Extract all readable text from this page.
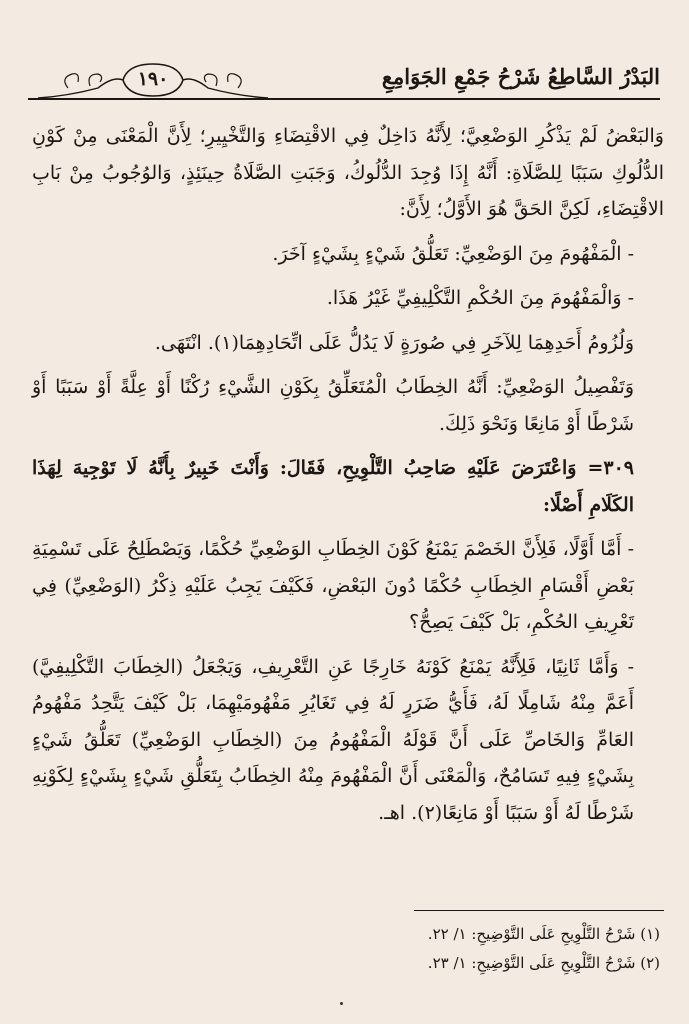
١٩٠	البَدْرُ السَّاطِعُ شَرْحُ جَمْعِ الجَوَامِعِ

وَالبَعْضُ لَمْ يَذْكُرِ الوَضْعِيَّ؛ لِأَنَّهُ دَاخِلٌ فِي الاقْتِضَاءِ وَالتَّخْيِيرِ؛ لِأَنَّ الْمَعْنَى مِنْ كَوْنِ الدُّلُوكِ سَبَبًا لِلصَّلَاةِ: أَنَّهُ إِذَا وُجِدَ الدُّلُوكُ، وَجَبَتِ الصَّلَاةُ حِينَئِذٍ، وَالوُجُوبُ مِنْ بَابِ الاقْتِضَاءِ، لَكِنَّ الحَقَّ هُوَ الأَوَّلُ؛ لِأَنَّ:

- الْمَفْهُومَ مِنَ الوَضْعِيِّ: تَعَلُّقُ شَيْءٍ بِشَيْءٍ آخَرَ.

- وَالْمَفْهُومَ مِنَ الحُكْمِ التَّكْلِيفِيِّ غَيْرُ هَذَا.

وَلُزُومُ أَحَدِهِمَا لِلآخَرِ فِي صُورَةٍ لَا يَدُلُّ عَلَى اتِّحَادِهِمَا(١). انْتَهَى.

وَتَفْصِيلُ الوَضْعِيِّ: أَنَّهُ الخِطَابُ الْمُتَعَلِّقُ بِكَوْنِ الشَّيْءِ رُكْنًا أَوْ عِلَّةً أَوْ سَبَبًا أَوْ شَرْطًا أَوْ مَانِعًا وَنَحْوَ ذَلِكَ.

٣٠٩= وَاعْتَرَضَ عَلَيْهِ صَاحِبُ التَّلْوِيحِ، فَقَالَ: وَأَنْتَ خَبِيرٌ بِأَنَّهُ لَا تَوْجِيهَ لِهَذَا الكَلَامِ أَصْلًا:

- أَمَّا أَوَّلًا، فَلِأَنَّ الخَصْمَ يَمْنَعُ كَوْنَ الخِطَابِ الوَضْعِيِّ حُكْمًا، وَيَصْطَلِحُ عَلَى تَسْمِيَةِ بَعْضِ أَقْسَامِ الخِطَابِ حُكْمًا دُونَ البَعْضِ، فَكَيْفَ يَجِبُ عَلَيْهِ ذِكْرُ (الوَضْعِيِّ) فِي تَعْرِيفِ الحُكْمِ، بَلْ كَيْفَ يَصِحُّ؟

- وَأَمَّا ثَانِيًا، فَلِأَنَّهُ يَمْنَعُ كَوْنَهُ خَارِجًا عَنِ التَّعْرِيفِ، وَيَجْعَلُ (الخِطَابَ التَّكْلِيفِيَّ) أَعَمَّ مِنْهُ شَامِلًا لَهُ، فَأَيُّ ضَرَرٍ لَهُ فِي تَغَايُرِ مَفْهُومَيْهِمَا، بَلْ كَيْفَ يَتَّحِدُ مَفْهُومُ العَامِّ وَالخَاصِّ عَلَى أَنَّ قَوْلَهُ الْمَفْهُومُ مِنَ (الخِطَابِ الوَضْعِيِّ) تَعَلُّقُ شَيْءٍ بِشَيْءٍ فِيهِ تَسَامُحٌ، وَالْمَعْنَى أَنَّ الْمَفْهُومَ مِنْهُ الخِطَابُ بِتَعَلُّقِ شَيْءٍ بِشَيْءٍ لِكَوْنِهِ شَرْطًا لَهُ أَوْ سَبَبًا أَوْ مَانِعًا(٢). اهـ.

(١) شَرْحُ التَّلْوِيحِ عَلَى التَّوْضِيحِ: ١/ ٢٢.

(٢) شَرْحُ التَّلْوِيحِ عَلَى التَّوْضِيحِ: ١/ ٢٣.
